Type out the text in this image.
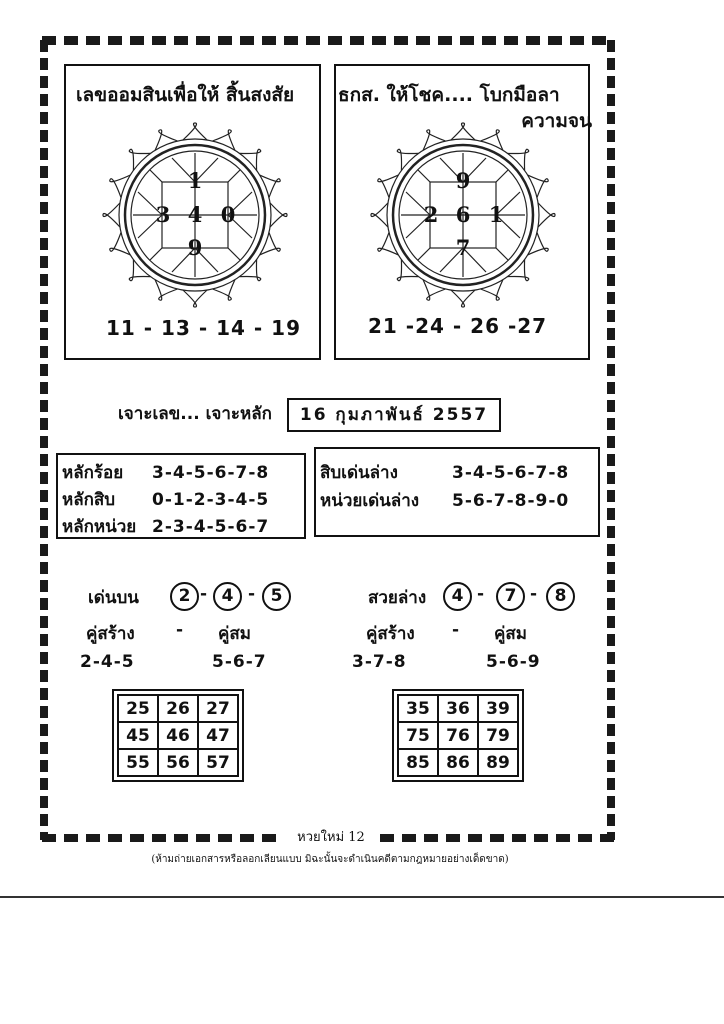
เลขออมสินเพื่อให้ สิ้นสงสัย
1
3 4 0
9
11 - 13 - 14 - 19
ธกส. ให้โชค.... โบกมือลา
ความจน
9
2 6 1
7
21 -24 - 26 -27
เจาะเลข... เจาะหลัก	16 กุมภาพันธ์ 2557
หลักร้อย 3-4-5-6-7-8
หลักสิบ 0-1-2-3-4-5
หลักหน่วย 2-3-4-5-6-7
สิบเด่นล่าง	3-4-5-6-7-8
หน่วยเด่นล่าง 5-6-7-8-9-0
เด่นบน	2 - 4 - 5
คู่สร้าง - คู่สม
2-4-5	5-6-7
25	26	27
45	46	47
55	56	57
สวยล่าง	4 -	7 -	8
คู่สร้าง - คู่สม
3-7-8	5-6-9
35	36	39
75	76	79
85	86	89
หวยใหม่ 12
(ห้ามถ่ายเอกสารหรือลอกเลียนแบบ มิฉะนั้นจะดำเนินคดีตามกฎหมายอย่างเด็ดขาด)
